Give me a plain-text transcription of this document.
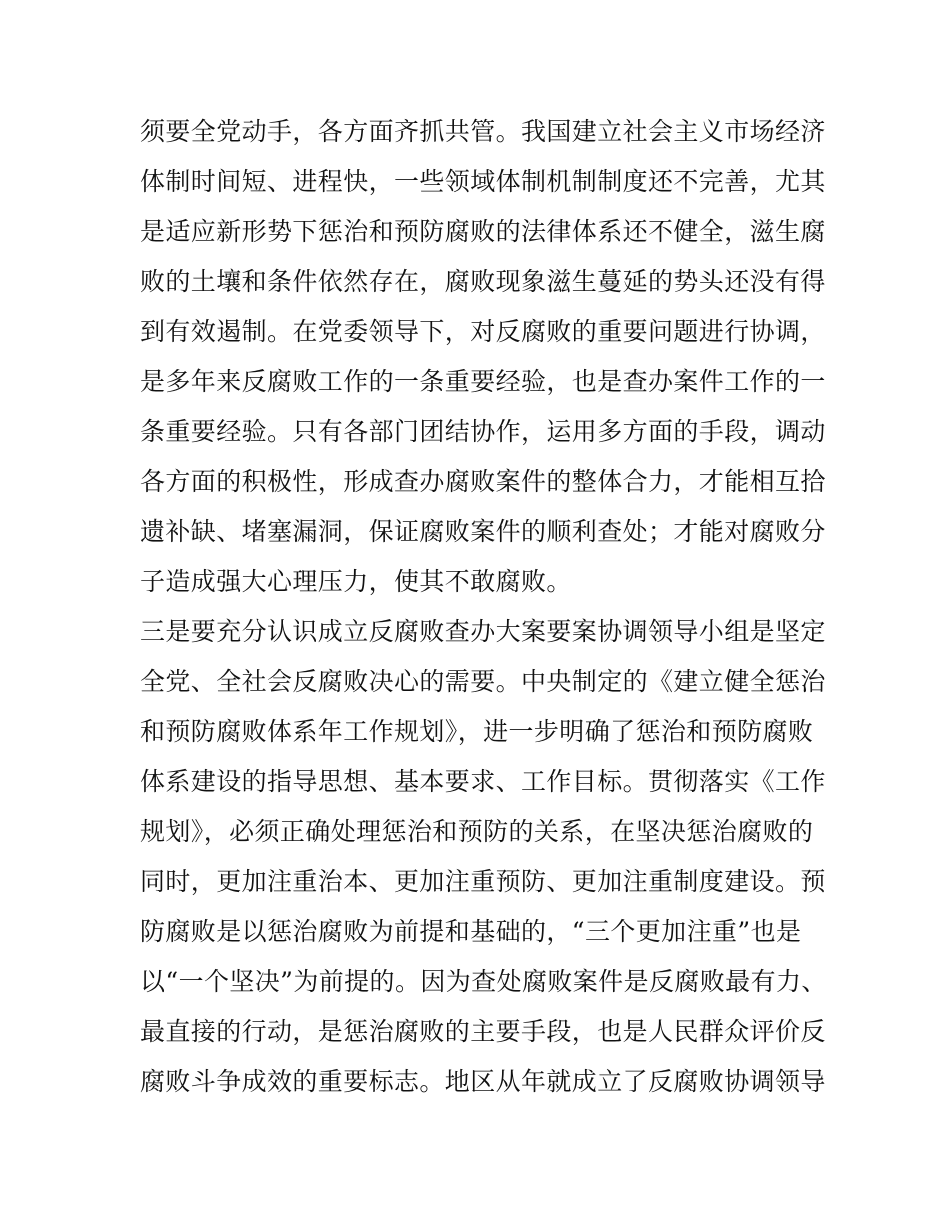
须要全党动手，各方面齐抓共管。我国建立社会主义市场经济
体制时间短、进程快，一些领域体制机制制度还不完善，尤其
是适应新形势下惩治和预防腐败的法律体系还不健全，滋生腐
败的土壤和条件依然存在，腐败现象滋生蔓延的势头还没有得
到有效遏制。在党委领导下，对反腐败的重要问题进行协调，
是多年来反腐败工作的一条重要经验，也是查办案件工作的一
条重要经验。只有各部门团结协作，运用多方面的手段，调动
各方面的积极性，形成查办腐败案件的整体合力，才能相互拾
遗补缺、堵塞漏洞，保证腐败案件的顺利查处；才能对腐败分
子造成强大心理压力，使其不敢腐败。
三是要充分认识成立反腐败查办大案要案协调领导小组是坚定
全党、全社会反腐败决心的需要。中央制定的《建立健全惩治
和预防腐败体系年工作规划》，进一步明确了惩治和预防腐败
体系建设的指导思想、基本要求、工作目标。贯彻落实《工作
规划》，必须正确处理惩治和预防的关系，在坚决惩治腐败的
同时，更加注重治本、更加注重预防、更加注重制度建设。预
防腐败是以惩治腐败为前提和基础的，“三个更加注重”也是
以“一个坚决”为前提的。因为查处腐败案件是反腐败最有力、
最直接的行动，是惩治腐败的主要手段，也是人民群众评价反
腐败斗争成效的重要标志。地区从年就成立了反腐败协调领导
